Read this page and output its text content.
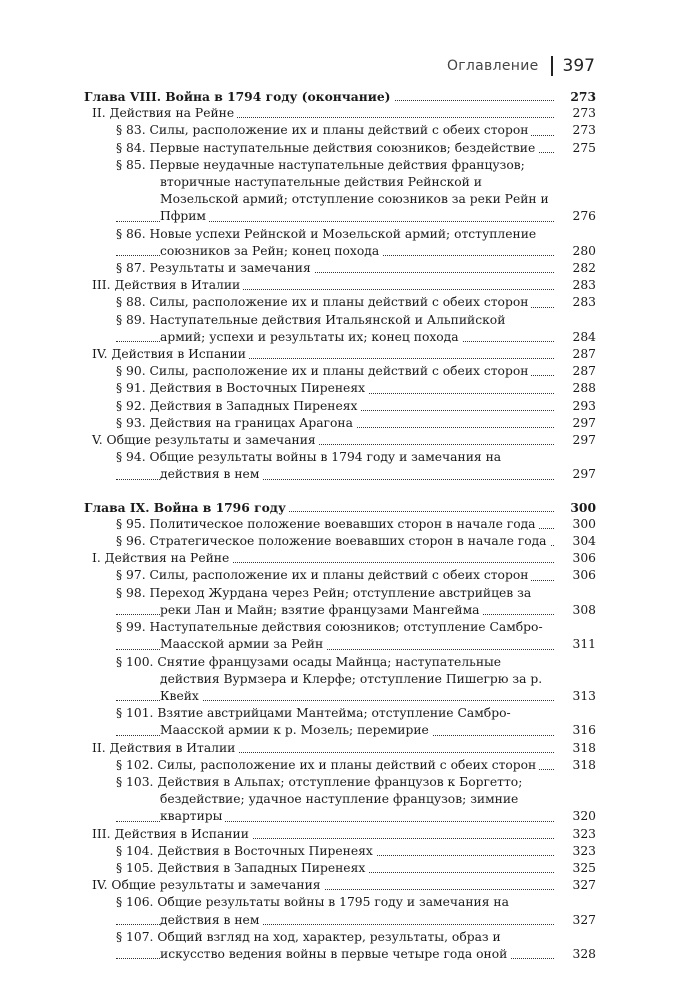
Оглавление 397
Глава VIII. Война в 1794 году (окончание)	273
II. Действия на Рейне	273
§ 83. Силы, расположение их и планы действий с обеих сторон	273
§ 84. Первые наступательные действия союзников; бездействие	275
§ 85. Первые неудачные наступательные действия французов; вторичные наступательные действия Рейнской и Мозельской армий; отступление союзников за реки Рейн и Пфрим	276
§ 86. Новые успехи Рейнской и Мозельской армий; отступление союзников за Рейн; конец похода	280
§ 87. Результаты и замечания	282
III. Действия в Италии	283
§ 88. Силы, расположение их и планы действий с обеих сторон	283
§ 89. Наступательные действия Итальянской и Альпийской армий; успехи и результаты их; конец похода	284
IV. Действия в Испании	287
§ 90. Силы, расположение их и планы действий с обеих сторон	287
§ 91. Действия в Восточных Пиренеях	288
§ 92. Действия в Западных Пиренеях	293
§ 93. Действия на границах Арагона	297
V. Общие результаты и замечания	297
§ 94. Общие результаты войны в 1794 году и замечания на действия в нем	297
Глава IX. Война в 1796 году	300
§ 95. Политическое положение воевавших сторон в начале года	300
§ 96. Стратегическое положение воевавших сторон в начале года	304
I. Действия на Рейне	306
§ 97. Силы, расположение их и планы действий с обеих сторон	306
§ 98. Переход Журдана через Рейн; отступление австрийцев за реки Лан и Майн; взятие французами Мангейма	308
§ 99. Наступательные действия союзников; отступление Самбро-Маасской армии за Рейн	311
§ 100. Снятие французами осады Майнца; наступательные действия Вурмзера и Клерфе; отступление Пишегрю за р. Квейх	313
§ 101. Взятие австрийцами Мантейма; отступление Самбро-Маасской армии к р. Мозель; перемирие	316
II. Действия в Италии	318
§ 102. Силы, расположение их и планы действий с обеих сторон	318
§ 103. Действия в Альпах; отступление французов к Боргетто; бездействие; удачное наступление французов; зимние квартиры	320
III. Действия в Испании	323
§ 104. Действия в Восточных Пиренеях	323
§ 105. Действия в Западных Пиренеях	325
IV. Общие результаты и замечания	327
§ 106. Общие результаты войны в 1795 году и замечания на действия в нем	327
§ 107. Общий взгляд на ход, характер, результаты, образ и искусство ведения войны в первые четыре года оной	328
